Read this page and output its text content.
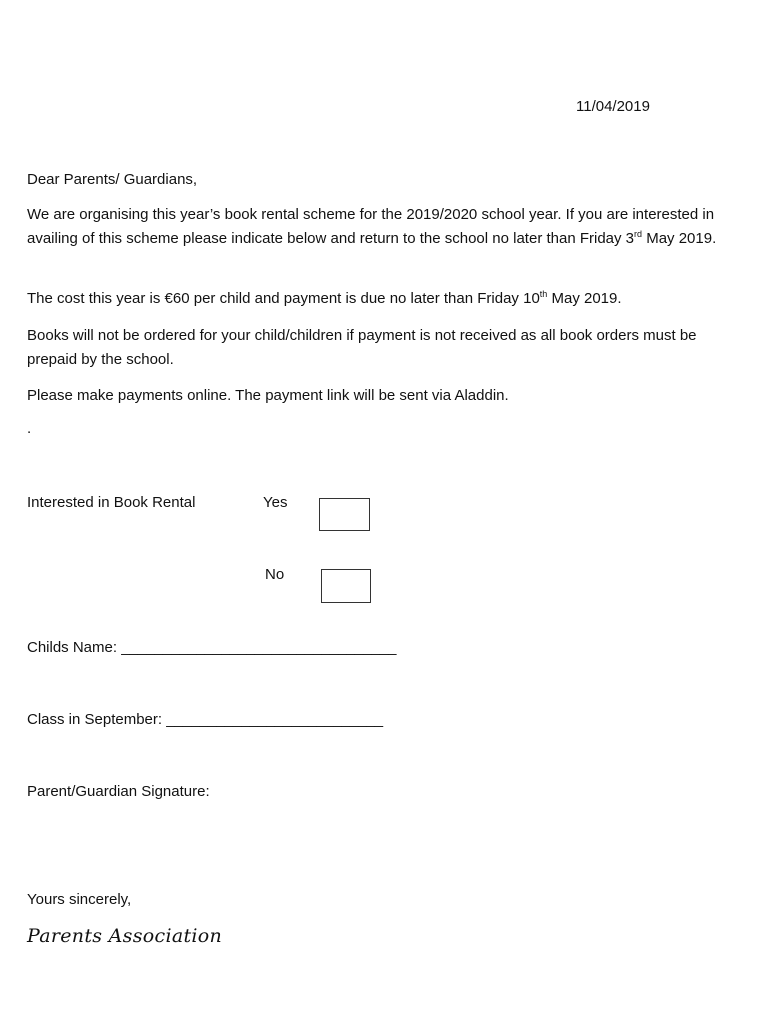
11/04/2019
Dear Parents/ Guardians,
We are organising this year’s book rental scheme for the 2019/2020 school year. If you are interested in availing of this scheme please indicate below and return to the school no later than Friday 3rd May 2019.
The cost this year is €60 per child and payment is due no later than Friday 10th May 2019.
Books will not be ordered for your child/children if payment is not received as all book orders must be prepaid by the school.
Please make payments online. The payment link will be sent via Aladdin.
.
Interested in Book Rental	Yes
No
Childs Name: _________________________________
Class in September: __________________________
Parent/Guardian Signature:
Yours sincerely,
Parents Association
